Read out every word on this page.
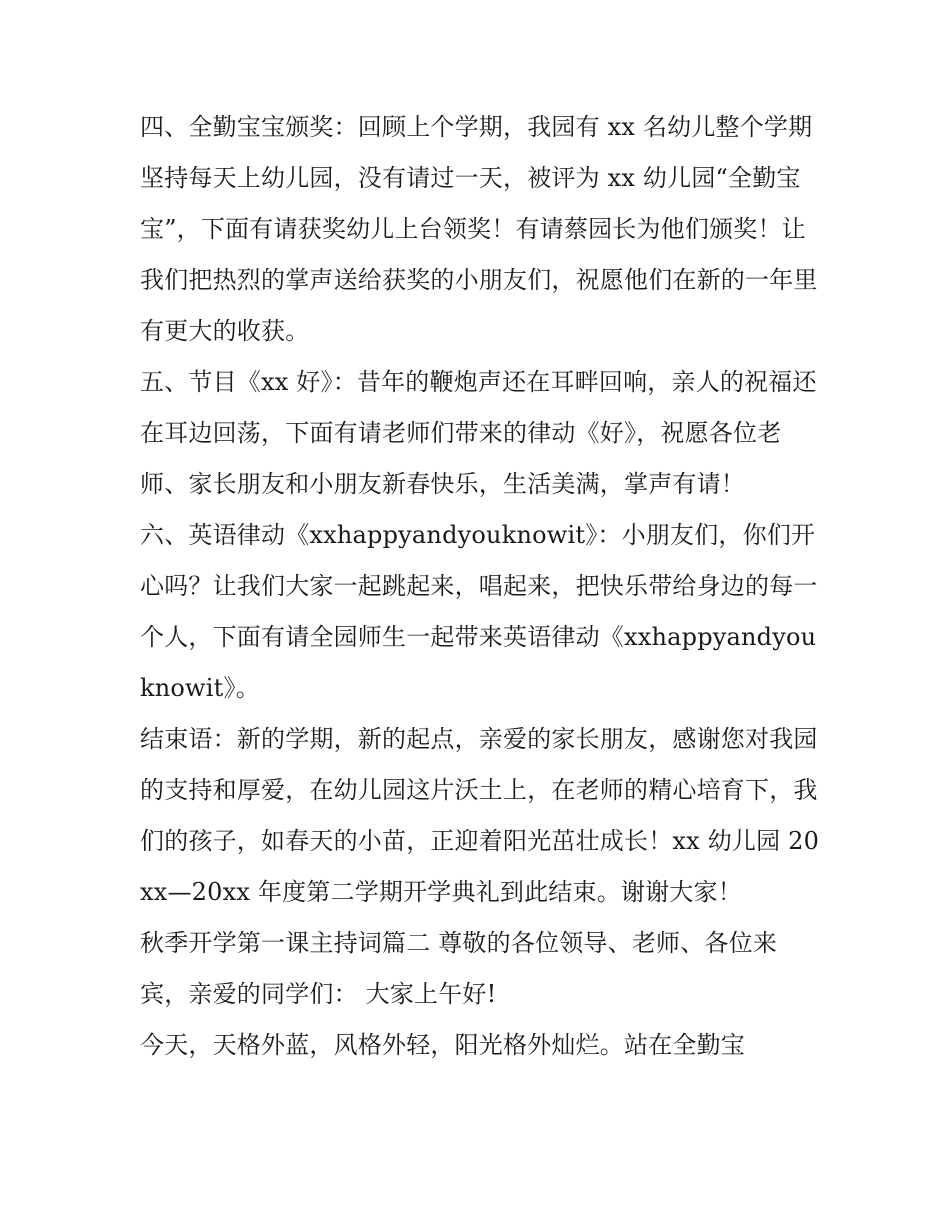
四、全勤宝宝颁奖：回顾上个学期，我园有 xx 名幼儿整个学期坚持每天上幼儿园，没有请过一天，被评为 xx 幼儿园“全勤宝宝”，下面有请获奖幼儿上台领奖！有请蔡园长为他们颁奖！让我们把热烈的掌声送给获奖的小朋友们，祝愿他们在新的一年里有更大的收获。

五、节目《xx 好》：昔年的鞭炮声还在耳畔回响，亲人的祝福还在耳边回荡，下面有请老师们带来的律动《好》，祝愿各位老师、家长朋友和小朋友新春快乐，生活美满，掌声有请！

六、英语律动《xxhappyandyouknowit》：小朋友们，你们开心吗？让我们大家一起跳起来，唱起来，把快乐带给身边的每一个人，下面有请全园师生一起带来英语律动《xxhappyandyouknowit》。

结束语：新的学期，新的起点，亲爱的家长朋友，感谢您对我园的支持和厚爱，在幼儿园这片沃土上，在老师的精心培育下，我们的孩子，如春天的小苗，正迎着阳光茁壮成长！xx 幼儿园 20xx—20xx 年度第二学期开学典礼到此结束。谢谢大家！

秋季开学第一课主持词篇二 尊敬的各位领导、老师、各位来宾，亲爱的同学们： 大家上午好!

今天，天格外蓝，风格外轻，阳光格外灿烂。站在全勤宝
